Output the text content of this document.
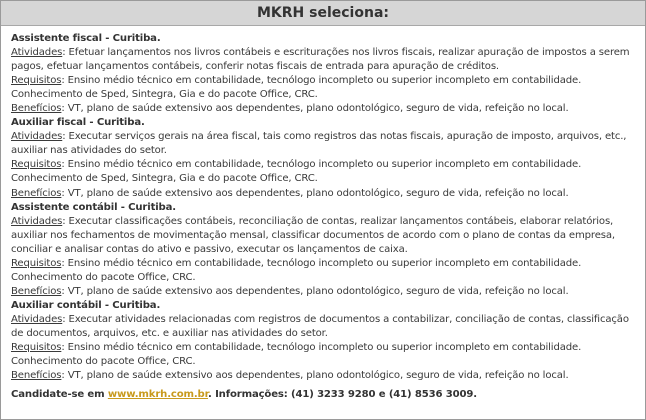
MKRH seleciona:

Assistente fiscal - Curitiba.

Atividades: Efetuar lançamentos nos livros contábeis e escriturações nos livros fiscais, realizar apuração de impostos a serem pagos, efetuar lançamentos contábeis, conferir notas fiscais de entrada para apuração de créditos.

Requisitos: Ensino médio técnico em contabilidade, tecnólogo incompleto ou superior incompleto em contabilidade. Conhecimento de Sped, Sintegra, Gia e do pacote Office, CRC.

Benefícios: VT, plano de saúde extensivo aos dependentes, plano odontológico, seguro de vida, refeição no local.

Auxiliar fiscal - Curitiba.

Atividades: Executar serviços gerais na área fiscal, tais como registros das notas fiscais, apuração de imposto, arquivos, etc., auxiliar nas atividades do setor.

Requisitos: Ensino médio técnico em contabilidade, tecnólogo incompleto ou superior incompleto em contabilidade. Conhecimento de Sped, Sintegra, Gia e do pacote Office, CRC.

Benefícios: VT, plano de saúde extensivo aos dependentes, plano odontológico, seguro de vida, refeição no local.

Assistente contábil - Curitiba.

Atividades: Executar classificações contábeis, reconciliação de contas, realizar lançamentos contábeis, elaborar relatórios, auxiliar nos fechamentos de movimentação mensal, classificar documentos de acordo com o plano de contas da empresa, conciliar e analisar contas do ativo e passivo, executar os lançamentos de caixa.

Requisitos: Ensino médio técnico em contabilidade, tecnólogo incompleto ou superior incompleto em contabilidade. Conhecimento do pacote Office, CRC.

Benefícios: VT, plano de saúde extensivo aos dependentes, plano odontológico, seguro de vida, refeição no local.

Auxiliar contábil - Curitiba.

Atividades: Executar atividades relacionadas com registros de documentos a contabilizar, conciliação de contas, classificação de documentos, arquivos, etc. e auxiliar nas atividades do setor.

Requisitos: Ensino médio técnico em contabilidade, tecnólogo incompleto ou superior incompleto em contabilidade. Conhecimento do pacote Office, CRC.

Benefícios: VT, plano de saúde extensivo aos dependentes, plano odontológico, seguro de vida, refeição no local.

Candidate-se em www.mkrh.com.br. Informações: (41) 3233 9280 e (41) 8536 3009.
